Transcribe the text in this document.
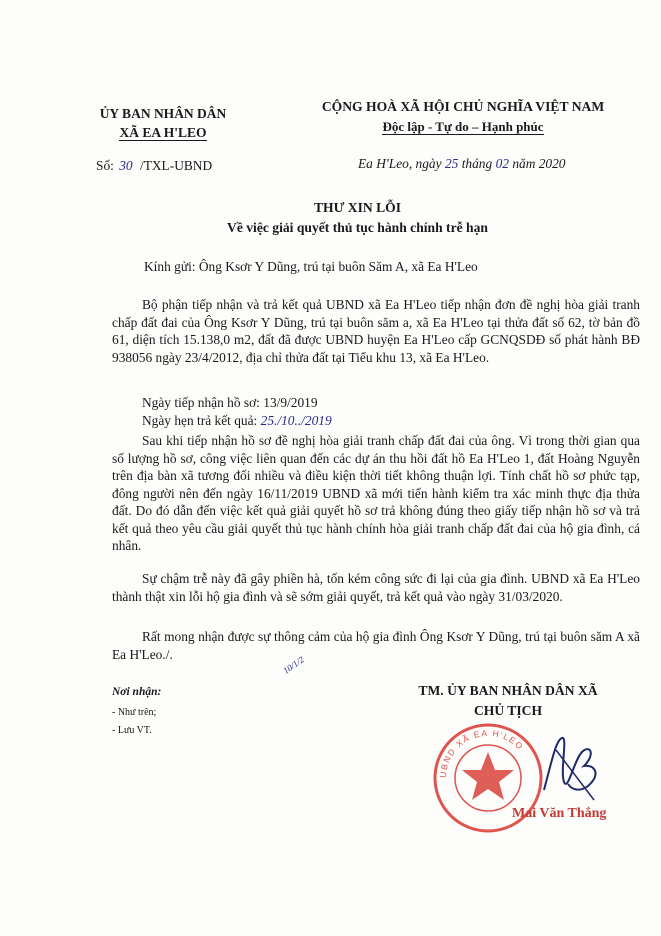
ỦY BAN NHÂN DÂN
XÃ EA H'LEO
CỘNG HOÀ XÃ HỘI CHỦ NGHĨA VIỆT NAM
Độc lập - Tự do – Hạnh phúc
Số: 30 /TXL-UBND	Ea H'Leo, ngày 25 tháng 02 năm 2020
THƯ XIN LỖI
Về việc giải quyết thủ tục hành chính trễ hạn
Kính gửi: Ông Ksơr Y Dũng, trú tại buôn Săm A, xã Ea H'Leo

Bộ phận tiếp nhận và trả kết quả UBND xã Ea H'Leo tiếp nhận đơn đề nghị hòa giải tranh chấp đất đai của Ông Ksơr Y Dũng, trú tại buôn săm a, xã Ea H'Leo tại thửa đất số 62, tờ bản đồ 61, diện tích 15.138,0 m2, đất đã được UBND huyện Ea H'Leo cấp GCNQSDĐ số phát hành BĐ 938056 ngày 23/4/2012, địa chỉ thửa đất tại Tiểu khu 13, xã Ea H'Leo.

Ngày tiếp nhận hồ sơ: 13/9/2019

Ngày hẹn trả kết quả: 25./10../2019

Sau khi tiếp nhận hồ sơ đề nghị hòa giải tranh chấp đất đai của ông. Vì trong thời gian qua số lượng hồ sơ, công việc liên quan đến các dự án thu hồi đất hồ Ea H'Leo 1, đất Hoàng Nguyễn trên địa bàn xã tương đối nhiều và điều kiện thời tiết không thuận lợi. Tính chất hồ sơ phức tạp, đông người nên đến ngày 16/11/2019 UBND xã mới tiến hành kiểm tra xác minh thực địa thửa đất. Do đó dẫn đến việc kết quả giải quyết hồ sơ trả không đúng theo giấy tiếp nhận hồ sơ và trả kết quả theo yêu cầu giải quyết thủ tục hành chính hòa giải tranh chấp đất đai của hộ gia đình, cá nhân.

Sự chậm trễ này đã gây phiền hà, tốn kém công sức đi lại của gia đình. UBND xã Ea H'Leo thành thật xin lỗi hộ gia đình và sẽ sớm giải quyết, trả kết quả vào ngày 31/03/2020.

Rất mong nhận được sự thông cảm của hộ gia đình Ông Ksơr Y Dũng, trú tại buôn săm A xã Ea H'Leo./.

10/1/2
Nơi nhận:
- Như trên;
- Lưu VT.
TM. ỦY BAN NHÂN DÂN XÃ
CHỦ TỊCH
UBND XÃ EA H'LEO
Mai Văn Thắng
